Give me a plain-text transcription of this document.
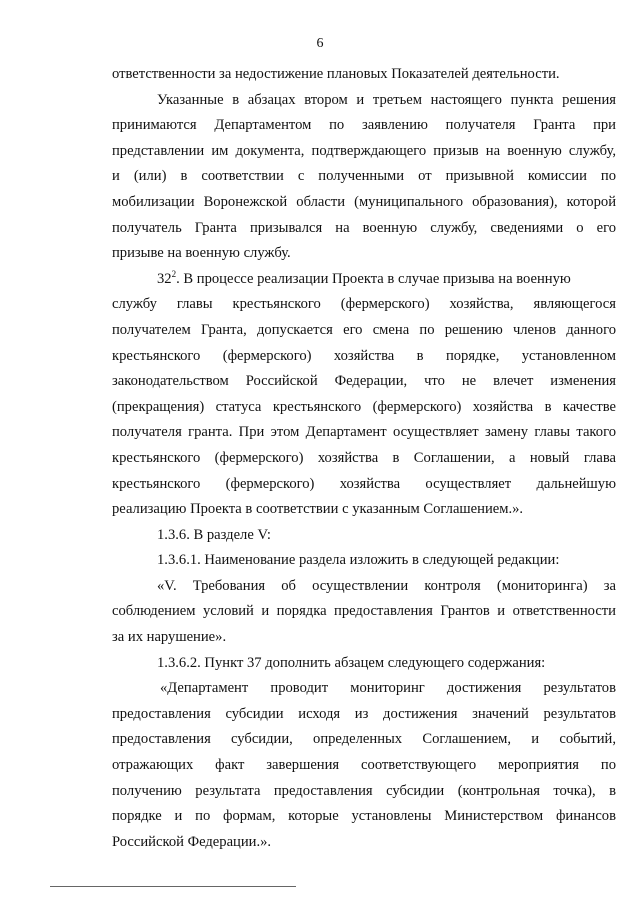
6
ответственности за недостижение плановых Показателей деятельности.
Указанные в абзацах втором и третьем настоящего пункта решения
принимаются Департаментом по заявлению получателя Гранта при
представлении им документа, подтверждающего призыв на военную службу,
и (или) в соответствии с полученными от призывной комиссии по
мобилизации Воронежской области (муниципального образования), которой
получатель Гранта призывался на военную службу, сведениями о его
призыве на военную службу.
$32^2$. В процессе реализации Проекта в случае призыва на военную
службу главы крестьянского (фермерского) хозяйства, являющегося
получателем Гранта, допускается его смена по решению членов данного
крестьянского (фермерского) хозяйства в порядке, установленном
законодательством Российской Федерации, что не влечет изменения
(прекращения) статуса крестьянского (фермерского) хозяйства в качестве
получателя гранта. При этом Департамент осуществляет замену главы такого
крестьянского (фермерского) хозяйства в Соглашении, а новый глава
крестьянского (фермерского) хозяйства осуществляет дальнейшую
реализацию Проекта в соответствии с указанным Соглашением.».
1.3.6. В разделе V:
1.3.6.1. Наименование раздела изложить в следующей редакции:
«V. Требования об осуществлении контроля (мониторинга) за
соблюдением условий и порядка предоставления Грантов и ответственности
за их нарушение».
1.3.6.2. Пункт 37 дополнить абзацем следующего содержания:
«Департамент проводит мониторинг достижения результатов
предоставления субсидии исходя из достижения значений результатов
предоставления субсидии, определенных Соглашением, и событий,
отражающих факт завершения соответствующего мероприятия по
получению результата предоставления субсидии (контрольная точка), в
порядке и по формам, которые установлены Министерством финансов
Российской Федерации.».
